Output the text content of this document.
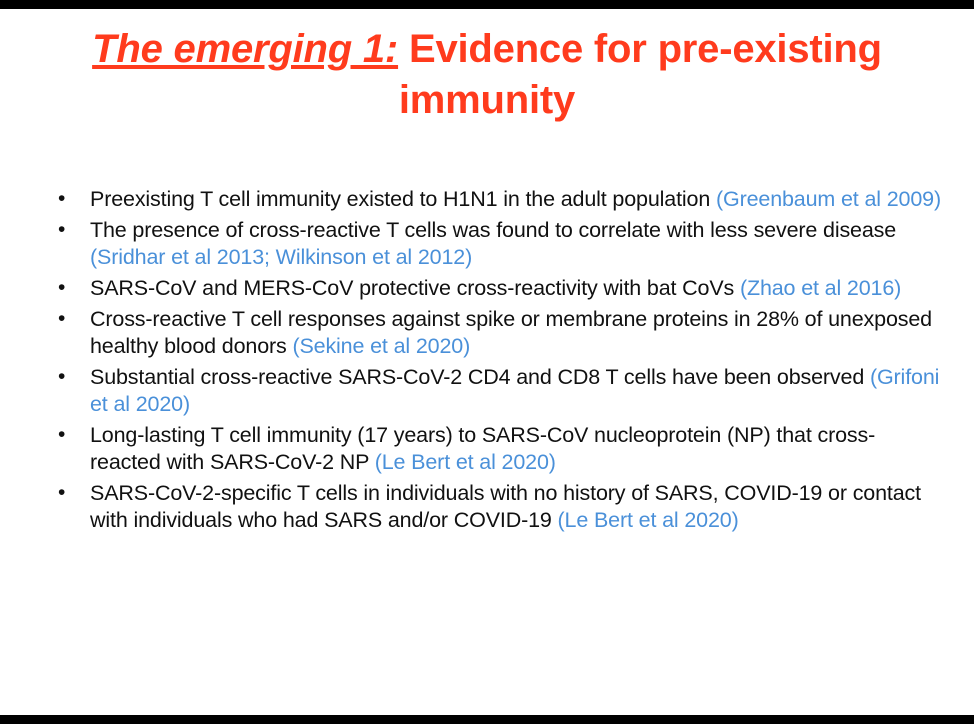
The emerging 1: Evidence for pre-existing immunity
• Preexisting T cell immunity existed to H1N1 in the adult population (Greenbaum et al 2009)
• The presence of cross-reactive T cells was found to correlate with less severe disease (Sridhar et al 2013; Wilkinson et al 2012)
• SARS-CoV and MERS-CoV protective cross-reactivity with bat CoVs (Zhao et al 2016)
• Cross-reactive T cell responses against spike or membrane proteins in 28% of unexposed healthy blood donors (Sekine et al 2020)
• Substantial cross-reactive SARS-CoV-2 CD4 and CD8 T cells have been observed (Grifoni et al 2020)
• Long-lasting T cell immunity (17 years) to SARS-CoV nucleoprotein (NP) that cross-reacted with SARS-CoV-2 NP (Le Bert et al 2020)
• SARS-CoV-2-specific T cells in individuals with no history of SARS, COVID-19 or contact with individuals who had SARS and/or COVID-19 (Le Bert et al 2020)
